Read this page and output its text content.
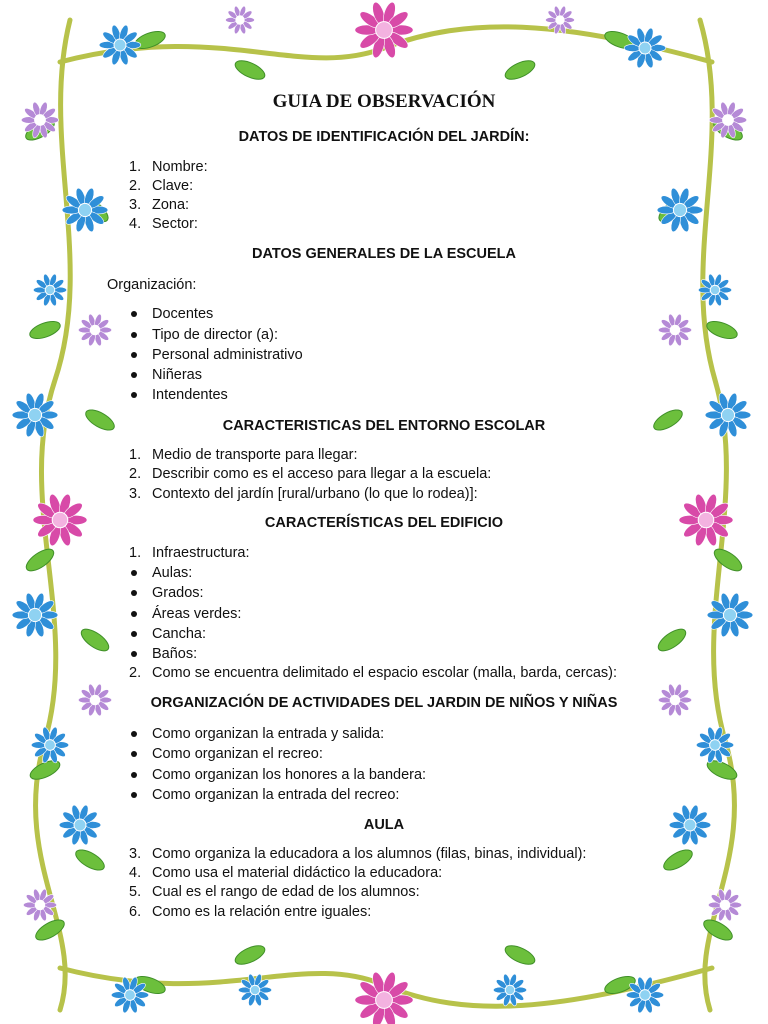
GUIA DE OBSERVACIÓN
DATOS DE IDENTIFICACIÓN DEL JARDÍN:
1. Nombre:
2. Clave:
3. Zona:
4. Sector:
DATOS GENERALES DE LA ESCUELA
Organización:
Docentes
Tipo de director (a):
Personal administrativo
Niñeras
Intendentes
CARACTERISTICAS DEL ENTORNO ESCOLAR
1. Medio de transporte para llegar:
2. Describir como es el acceso para llegar a la escuela:
3. Contexto del jardín [rural/urbano (lo que lo rodea)]:
CARACTERÍSTICAS DEL EDIFICIO
1. Infraestructura:
Aulas:
Grados:
Áreas verdes:
Cancha:
Baños:
2. Como se encuentra delimitado el espacio escolar (malla, barda, cercas):
ORGANIZACIÓN DE ACTIVIDADES DEL JARDIN DE NIÑOS Y NIÑAS
Como organizan la entrada y salida:
Como organizan el recreo:
Como organizan los honores a la bandera:
Como organizan la entrada del recreo:
AULA
3. Como organiza la educadora a los alumnos (filas, binas, individual):
4. Como usa el material didáctico la educadora:
5. Cual es el rango de edad de los alumnos:
6. Como es la relación entre iguales:
